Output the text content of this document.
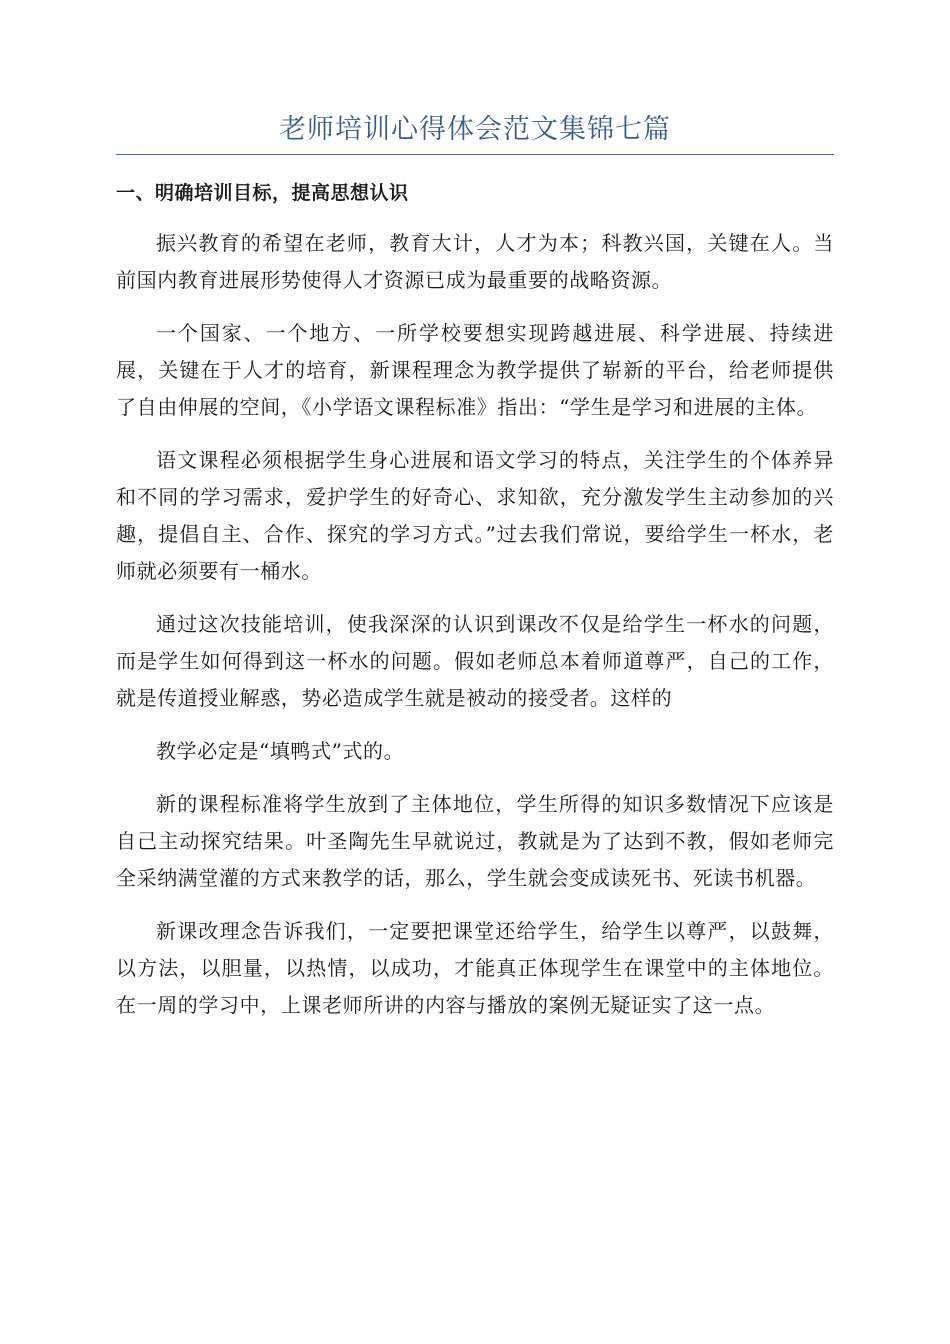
老师培训心得体会范文集锦七篇
一、明确培训目标，提高思想认识

振兴教育的希望在老师，教育大计，人才为本；科教兴国，关键在人。当前国内教育进展形势使得人才资源已成为最重要的战略资源。

一个国家、一个地方、一所学校要想实现跨越进展、科学进展、持续进展，关键在于人才的培育，新课程理念为教学提供了崭新的平台，给老师提供了自由伸展的空间，《小学语文课程标准》指出：“学生是学习和进展的主体。

语文课程必须根据学生身心进展和语文学习的特点，关注学生的个体养异和不同的学习需求，爱护学生的好奇心、求知欲，充分激发学生主动参加的兴趣，提倡自主、合作、探究的学习方式。”过去我们常说，要给学生一杯水，老师就必须要有一桶水。

通过这次技能培训，使我深深的认识到课改不仅是给学生一杯水的问题，而是学生如何得到这一杯水的问题。假如老师总本着师道尊严，自己的工作，就是传道授业解惑，势必造成学生就是被动的接受者。这样的

教学必定是“填鸭式”式的。

新的课程标准将学生放到了主体地位，学生所得的知识多数情况下应该是自己主动探究结果。叶圣陶先生早就说过，教就是为了达到不教，假如老师完全采纳满堂灌的方式来教学的话，那么，学生就会变成读死书、死读书机器。

新课改理念告诉我们，一定要把课堂还给学生，给学生以尊严，以鼓舞，以方法，以胆量，以热情，以成功，才能真正体现学生在课堂中的主体地位。在一周的学习中，上课老师所讲的内容与播放的案例无疑证实了这一点。
